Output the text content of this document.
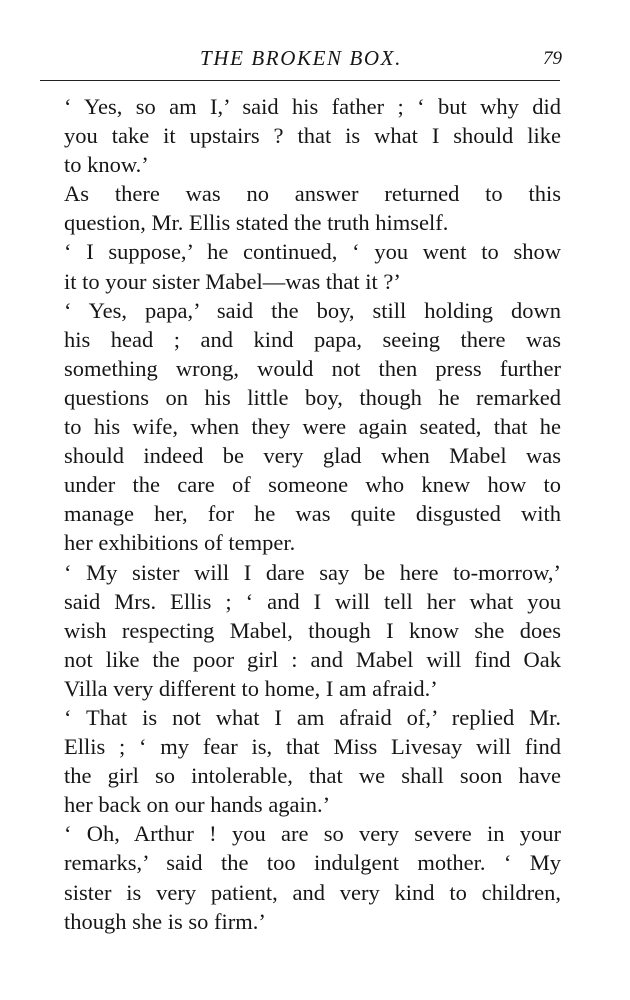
THE BROKEN BOX.	79

‘ Yes, so am I,’ said his father ; ‘ but why did
you take it upstairs ? that is what I should like
to know.’

As there was no answer returned to this
question, Mr. Ellis stated the truth himself.

‘ I suppose,’ he continued, ‘ you went to show
it to your sister Mabel—was that it ?’

‘ Yes, papa,’ said the boy, still holding down
his head ; and kind papa, seeing there was
something wrong, would not then press further
questions on his little boy, though he remarked
to his wife, when they were again seated, that he
should indeed be very glad when Mabel was
under the care of someone who knew how to
manage her, for he was quite disgusted with
her exhibitions of temper.

‘ My sister will I dare say be here to-morrow,’
said Mrs. Ellis ; ‘ and I will tell her what you
wish respecting Mabel, though I know she does
not like the poor girl : and Mabel will find Oak
Villa very different to home, I am afraid.’

‘ That is not what I am afraid of,’ replied Mr.
Ellis ; ‘ my fear is, that Miss Livesay will find
the girl so intolerable, that we shall soon have
her back on our hands again.’

‘ Oh, Arthur ! you are so very severe in your
remarks,’ said the too indulgent mother. ‘ My
sister is very patient, and very kind to children,
though she is so firm.’
